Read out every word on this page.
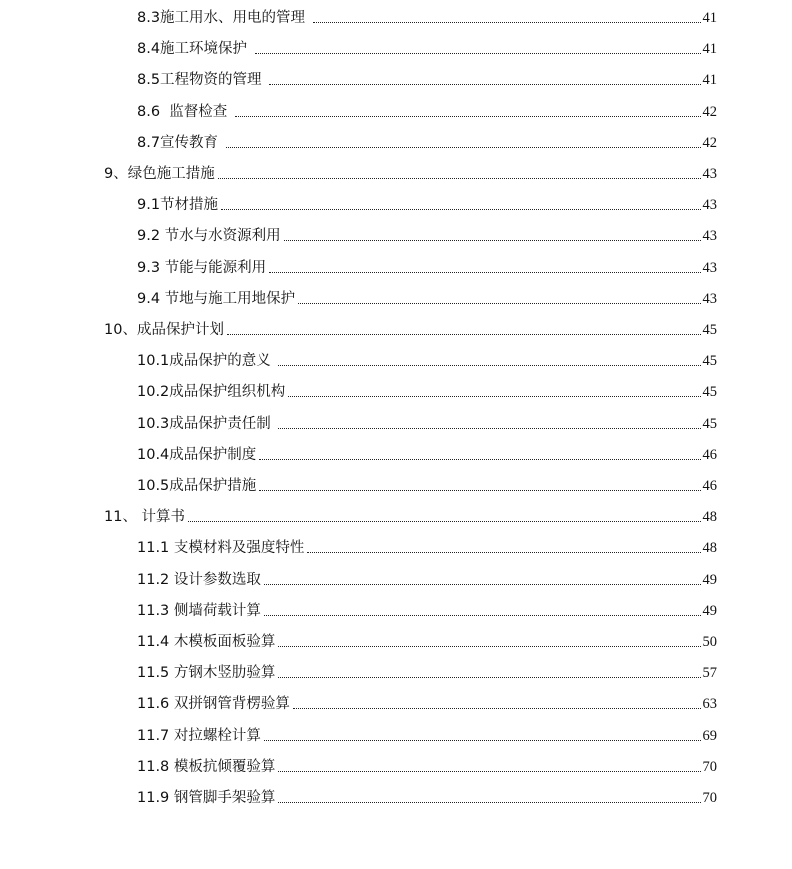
8.3施工用水、用电的管理	41
8.4施工环境保护	41
8.5工程物资的管理	41
8.6  监督检查	42
8.7宣传教育	42
9、绿色施工措施	43
9.1节材措施	43
9.2 节水与水资源利用	43
9.3 节能与能源利用	43
9.4 节地与施工用地保护	43
10、成品保护计划	45
10.1成品保护的意义	45
10.2成品保护组织机构	45
10.3成品保护责任制	45
10.4成品保护制度	46
10.5成品保护措施	46
11、 计算书	48
11.1 支模材料及强度特性	48
11.2 设计参数选取	49
11.3 侧墙荷载计算	49
11.4 木模板面板验算	50
11.5 方钢木竖肋验算	57
11.6 双拼钢管背楞验算	63
11.7 对拉螺栓计算	69
11.8 模板抗倾覆验算	70
11.9 钢管脚手架验算	70
